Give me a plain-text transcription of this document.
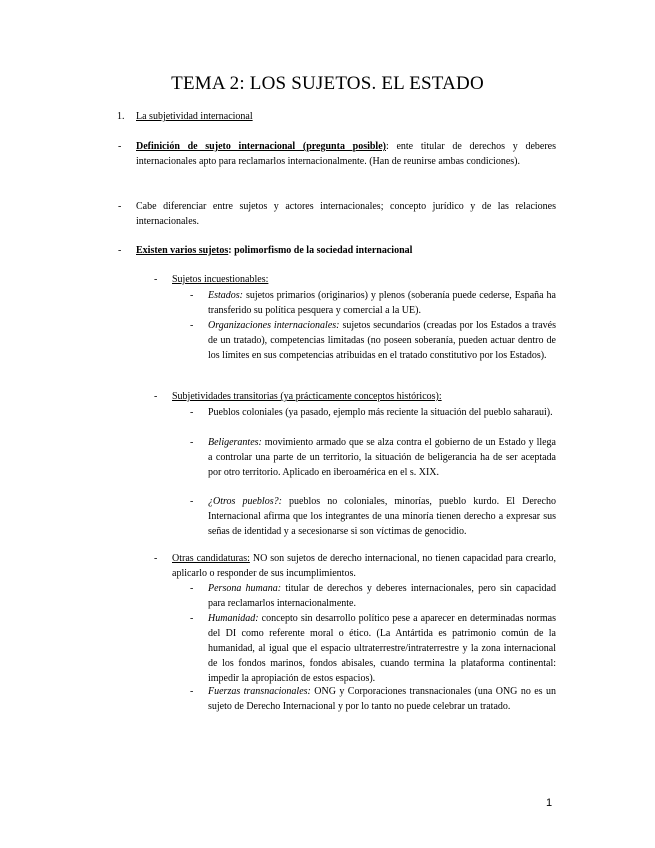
TEMA 2: LOS SUJETOS. EL ESTADO
1. La subjetividad internacional
- Definición de sujeto internacional (pregunta posible): ente titular de derechos y deberes internacionales apto para reclamarlos internacionalmente. (Han de reunirse ambas condiciones).
- Cabe diferenciar entre sujetos y actores internacionales; concepto jurídico y de las relaciones internacionales.
- Existen varios sujetos: polimorfismo de la sociedad internacional
- Sujetos incuestionables:
- Estados: sujetos primarios (originarios) y plenos (soberanía puede cederse, España ha transferido su política pesquera y comercial a la UE).
- Organizaciones internacionales: sujetos secundarios (creadas por los Estados a través de un tratado), competencias limitadas (no poseen soberanía, pueden actuar dentro de los límites en sus competencias atribuidas en el tratado constitutivo por los Estados).
- Subjetividades transitorias (ya prácticamente conceptos históricos):
- Pueblos coloniales (ya pasado, ejemplo más reciente la situación del pueblo saharaui).
- Beligerantes: movimiento armado que se alza contra el gobierno de un Estado y llega a controlar una parte de un territorio, la situación de beligerancia ha de ser aceptada por otro territorio. Aplicado en iberoamérica en el s. XIX.
- ¿Otros pueblos?: pueblos no coloniales, minorías, pueblo kurdo. El Derecho Internacional afirma que los integrantes de una minoría tienen derecho a expresar sus señas de identidad y a secesionarse si son víctimas de genocidio.
- Otras candidaturas: NO son sujetos de derecho internacional, no tienen capacidad para crearlo, aplicarlo o responder de sus incumplimientos.
- Persona humana: titular de derechos y deberes internacionales, pero sin capacidad para reclamarlos internacionalmente.
- Humanidad: concepto sin desarrollo político pese a aparecer en determinadas normas del DI como referente moral o ético. (La Antártida es patrimonio común de la humanidad, al igual que el espacio ultraterrestre/intraterrestre y la zona internacional de los fondos marinos, fondos abisales, cuando termina la plataforma continental: impedir la apropiación de estos espacios).
- Fuerzas transnacionales: ONG y Corporaciones transnacionales (una ONG no es un sujeto de Derecho Internacional y por lo tanto no puede celebrar un tratado.
1
